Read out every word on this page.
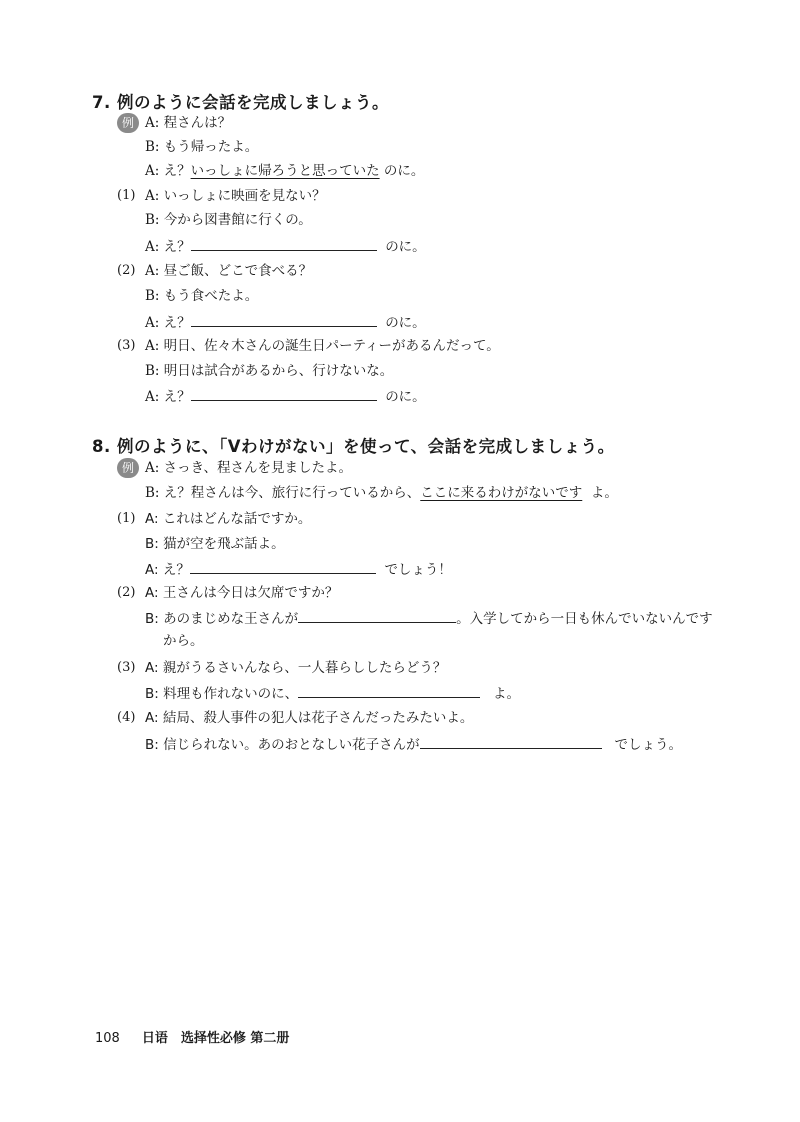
7. 例のように会話を完成しましょう。
例 A: 程さんは？
B: もう帰ったよ。
A: え？いっしょに帰ろうと思っていた のに。
(1) A: いっしょに映画を見ない？
B: 今から図書館に行くの。
A: え？	のに。
(2) A: 昼ご飯、どこで食べる？
B: もう食べたよ。
A: え？	のに。
(3) A: 明日、佐々木さんの誕生日パーティーがあるんだって。
B: 明日は試合があるから、行けないな。
A: え？	のに。
8. 例のように、「Vわけがない」を使って、会話を完成しましょう。
例 A: さっき、程さんを見ましたよ。
B: え？程さんは今、旅行に行っているから、ここに来るわけがないです よ。
(1) A: これはどんな話ですか。
B: 猫が空を飛ぶ話よ。
A: え？	でしょう！
(2) A: 王さんは今日は欠席ですか？
B: あのまじめな王さんが	。入学してから一日も休んでいないんです
から。
(3) A: 親がうるさいんなら、一人暮らししたらどう？
B: 料理も作れないのに、	よ。
(4) A: 結局、殺人事件の犯人は花子さんだったみたいよ。
B: 信じられない。あのおとなしい花子さんが	でしょう。
108 日语　选择性必修 第二册
